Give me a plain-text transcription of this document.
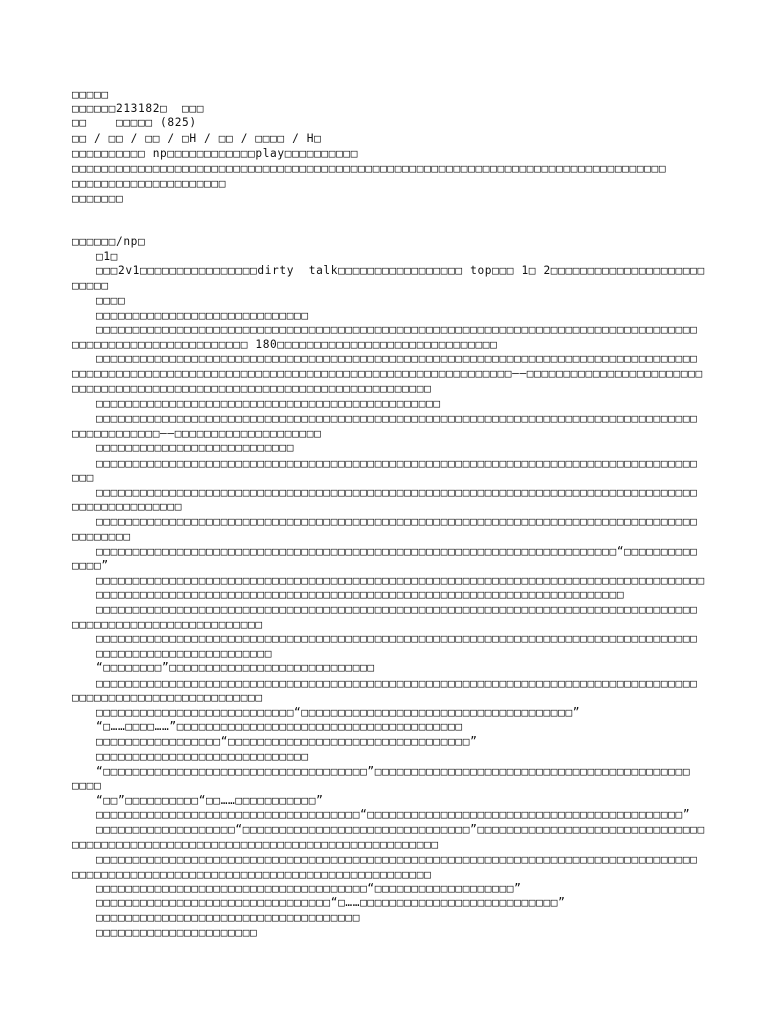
□□□□□
□□□□□□213182□  □□□
□□    □□□□□ (825)
□□ / □□ / □□ / □H / □□ / □□□□ / H□
□□□□□□□□□□ np□□□□□□□□□□□□play□□□□□□□□□□
□□□□□□□□□□□□□□□□□□□□□□□□□□□□□□□□□□□□□□□□□□□□□□□□□□□□□□□□□□□□□□□□□□□□□□□□□□□□□□□□□
□□□□□□□□□□□□□□□□□□□□□
□□□□□□□
□□□□□□/np□
□1□
□□□2v1□□□□□□□□□□□□□□□□dirty  talk□□□□□□□□□□□□□□□□□ top□□□ 1□ 2□□□□□□□□□□□□□□□□□□□□□
□□□□□
□□□□
□□□□□□□□□□□□□□□□□□□□□□□□□□□□□
□□□□□□□□□□□□□□□□□□□□□□□□□□□□□□□□□□□□□□□□□□□□□□□□□□□□□□□□□□□□□□□□□□□□□□□□□□□□□□□□□□
□□□□□□□□□□□□□□□□□□□□□□□□ 180□□□□□□□□□□□□□□□□□□□□□□□□□□□□□□
□□□□□□□□□□□□□□□□□□□□□□□□□□□□□□□□□□□□□□□□□□□□□□□□□□□□□□□□□□□□□□□□□□□□□□□□□□□□□□□□□□
□□□□□□□□□□□□□□□□□□□□□□□□□□□□□□□□□□□□□□□□□□□□□□□□□□□□□□□□□□□□——□□□□□□□□□□□□□□□□□□□□□□□□
□□□□□□□□□□□□□□□□□□□□□□□□□□□□□□□□□□□□□□□□□□□□□□□□□
□□□□□□□□□□□□□□□□□□□□□□□□□□□□□□□□□□□□□□□□□□□□□□□
□□□□□□□□□□□□□□□□□□□□□□□□□□□□□□□□□□□□□□□□□□□□□□□□□□□□□□□□□□□□□□□□□□□□□□□□□□□□□□□□□□
□□□□□□□□□□□□——□□□□□□□□□□□□□□□□□□□□
□□□□□□□□□□□□□□□□□□□□□□□□□□□
□□□□□□□□□□□□□□□□□□□□□□□□□□□□□□□□□□□□□□□□□□□□□□□□□□□□□□□□□□□□□□□□□□□□□□□□□□□□□□□□□□
□□□
□□□□□□□□□□□□□□□□□□□□□□□□□□□□□□□□□□□□□□□□□□□□□□□□□□□□□□□□□□□□□□□□□□□□□□□□□□□□□□□□□□
□□□□□□□□□□□□□□□
□□□□□□□□□□□□□□□□□□□□□□□□□□□□□□□□□□□□□□□□□□□□□□□□□□□□□□□□□□□□□□□□□□□□□□□□□□□□□□□□□□
□□□□□□□□
□□□□□□□□□□□□□□□□□□□□□□□□□□□□□□□□□□□□□□□□□□□□□□□□□□□□□□□□□□□□□□□□□□□□□□□“□□□□□□□□□□
□□□□”
□□□□□□□□□□□□□□□□□□□□□□□□□□□□□□□□□□□□□□□□□□□□□□□□□□□□□□□□□□□□□□□□□□□□□□□□□□□□□□□□□□□
□□□□□□□□□□□□□□□□□□□□□□□□□□□□□□□□□□□□□□□□□□□□□□□□□□□□□□□□□□□□□□□□□□□□□□□□
□□□□□□□□□□□□□□□□□□□□□□□□□□□□□□□□□□□□□□□□□□□□□□□□□□□□□□□□□□□□□□□□□□□□□□□□□□□□□□□□□□
□□□□□□□□□□□□□□□□□□□□□□□□□□
□□□□□□□□□□□□□□□□□□□□□□□□□□□□□□□□□□□□□□□□□□□□□□□□□□□□□□□□□□□□□□□□□□□□□□□□□□□□□□□□□□
□□□□□□□□□□□□□□□□□□□□□□□□
“□□□□□□□□”□□□□□□□□□□□□□□□□□□□□□□□□□□□□
□□□□□□□□□□□□□□□□□□□□□□□□□□□□□□□□□□□□□□□□□□□□□□□□□□□□□□□□□□□□□□□□□□□□□□□□□□□□□□□□□□
□□□□□□□□□□□□□□□□□□□□□□□□□□
□□□□□□□□□□□□□□□□□□□□□□□□□□□“□□□□□□□□□□□□□□□□□□□□□□□□□□□□□□□□□□□□□”
“□……□□□□……”□□□□□□□□□□□□□□□□□□□□□□□□□□□□□□□□□□□□□□□
□□□□□□□□□□□□□□□□□“□□□□□□□□□□□□□□□□□□□□□□□□□□□□□□□□□”
□□□□□□□□□□□□□□□□□□□□□□□□□□□□□
“□□□□□□□□□□□□□□□□□□□□□□□□□□□□□□□□□□□□”□□□□□□□□□□□□□□□□□□□□□□□□□□□□□□□□□□□□□□□□□□□
□□□□
“□□”□□□□□□□□□□“□□……□□□□□□□□□□□”
□□□□□□□□□□□□□□□□□□□□□□□□□□□□□□□□□□□□“□□□□□□□□□□□□□□□□□□□□□□□□□□□□□□□□□□□□□□□□□□□”
□□□□□□□□□□□□□□□□□□□“□□□□□□□□□□□□□□□□□□□□□□□□□□□□□□□”□□□□□□□□□□□□□□□□□□□□□□□□□□□□□□□
□□□□□□□□□□□□□□□□□□□□□□□□□□□□□□□□□□□□□□□□□□□□□□□□□□
□□□□□□□□□□□□□□□□□□□□□□□□□□□□□□□□□□□□□□□□□□□□□□□□□□□□□□□□□□□□□□□□□□□□□□□□□□□□□□□□□□
□□□□□□□□□□□□□□□□□□□□□□□□□□□□□□□□□□□□□□□□□□□□□□□□□
□□□□□□□□□□□□□□□□□□□□□□□□□□□□□□□□□□□□□“□□□□□□□□□□□□□□□□□□□”
□□□□□□□□□□□□□□□□□□□□□□□□□□□□□□□□“□……□□□□□□□□□□□□□□□□□□□□□□□□□□□”
□□□□□□□□□□□□□□□□□□□□□□□□□□□□□□□□□□□□
□□□□□□□□□□□□□□□□□□□□□□
